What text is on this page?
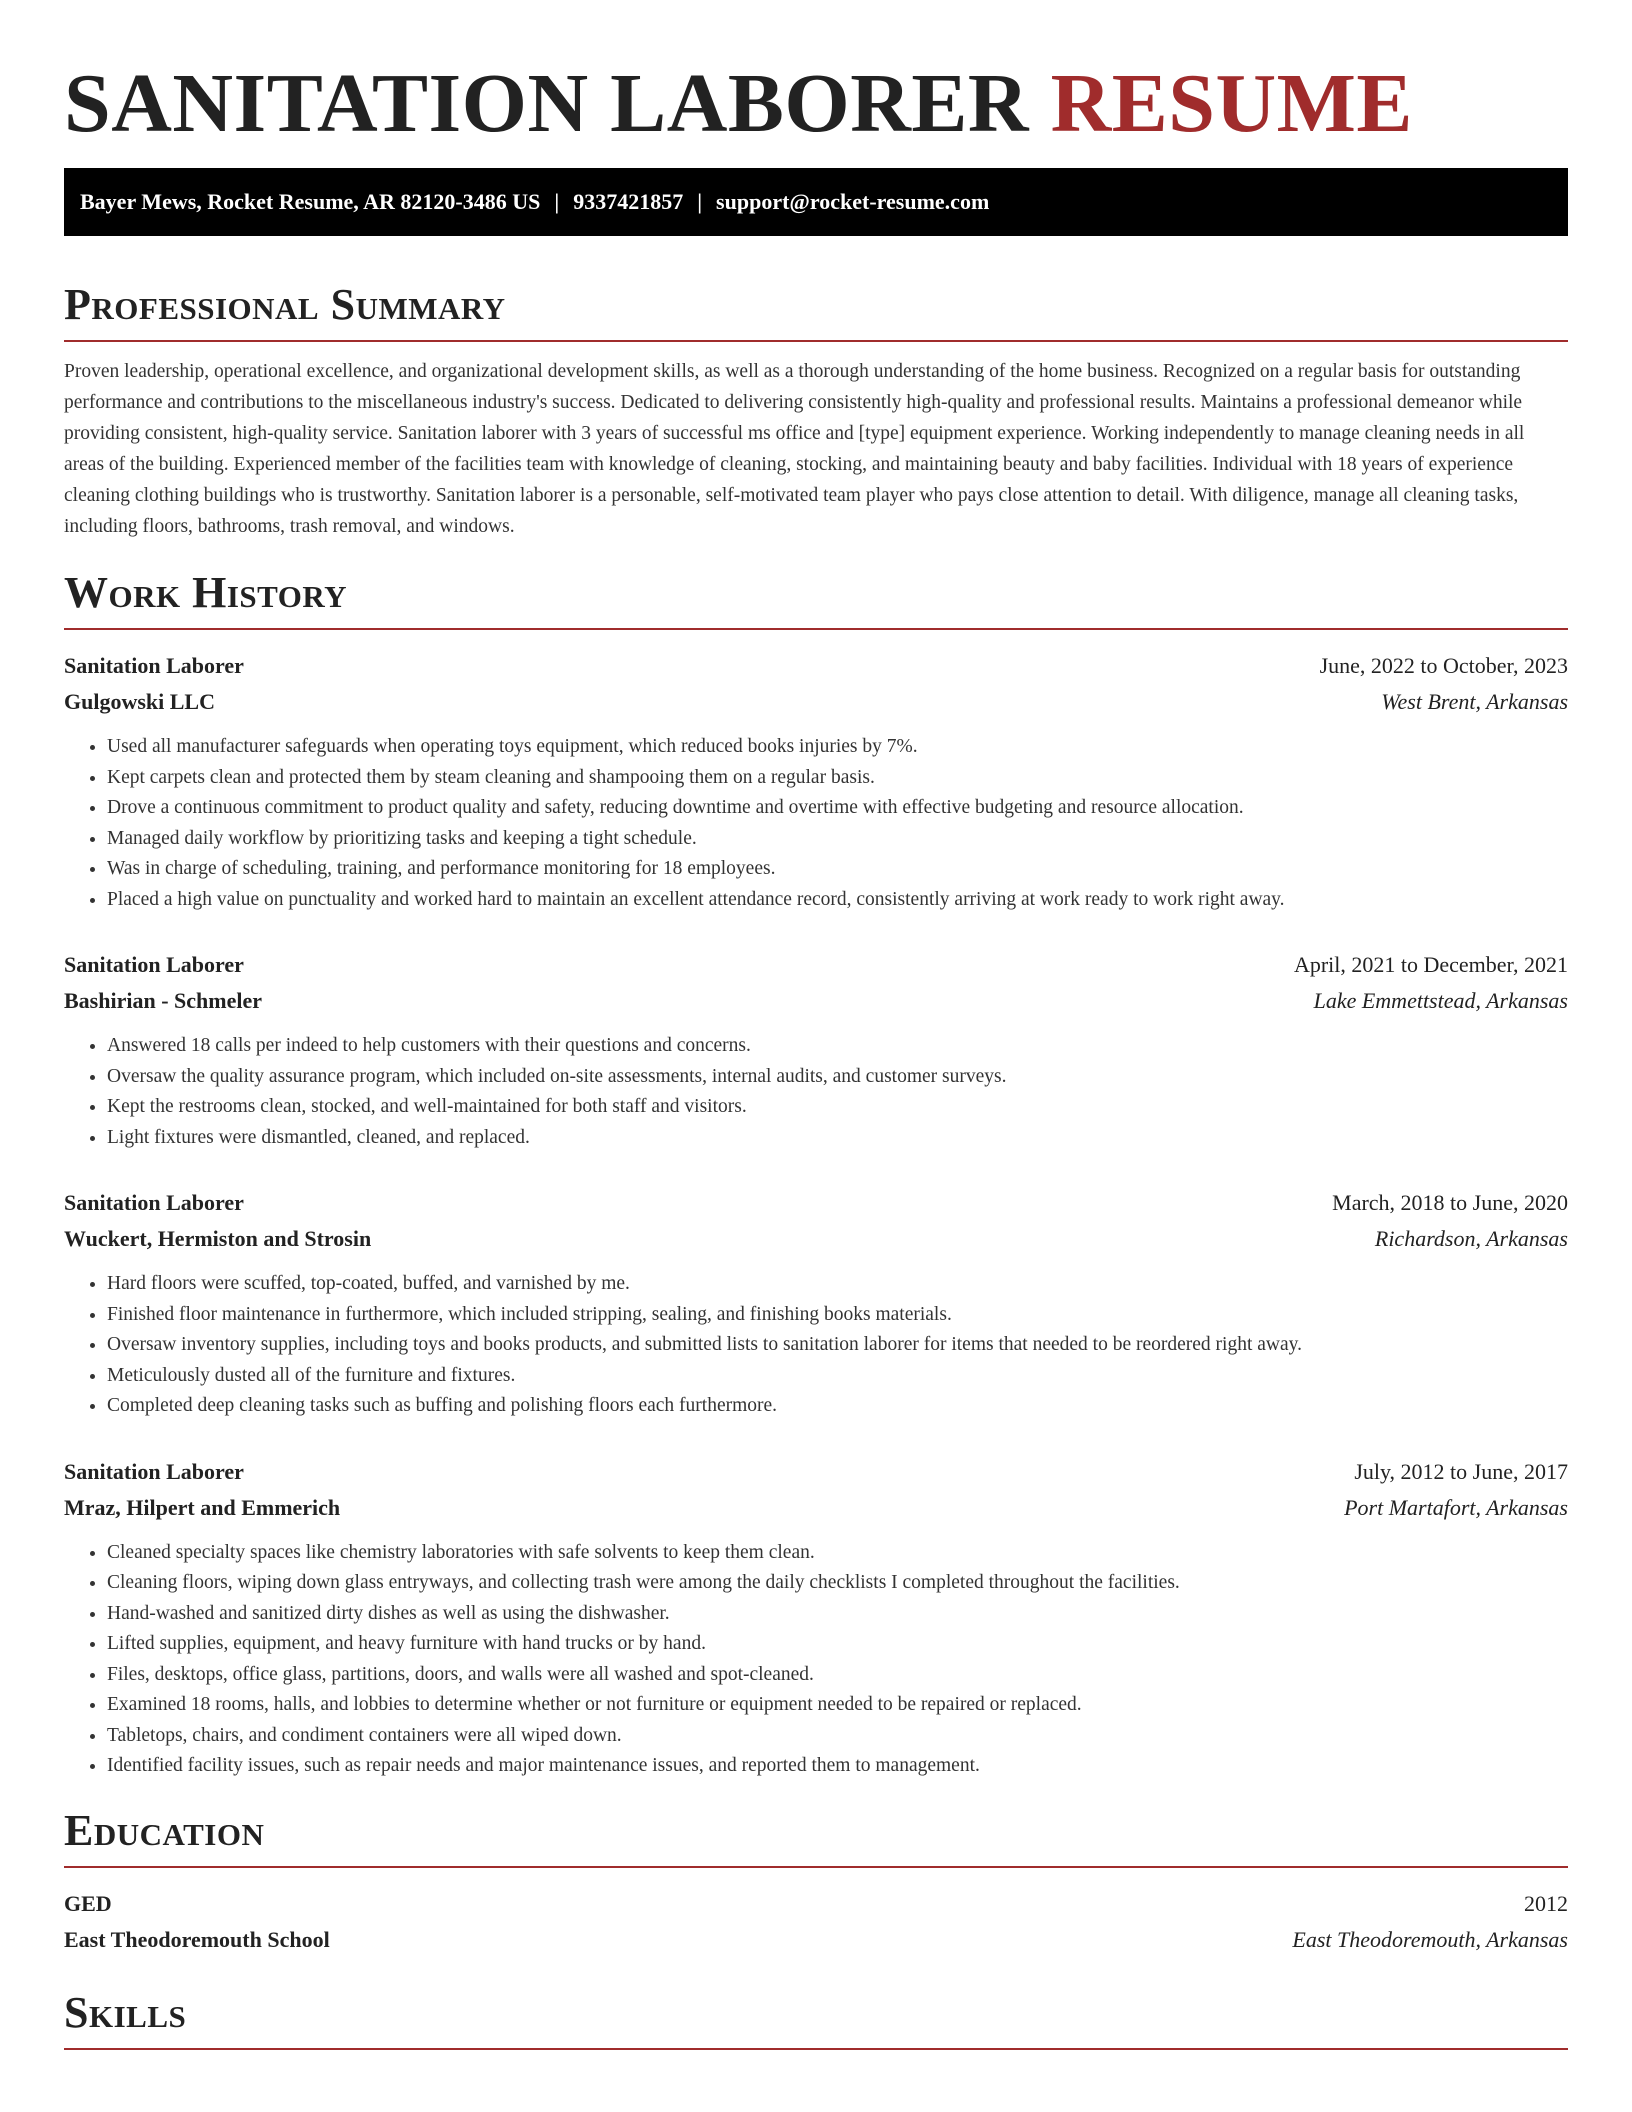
SANITATION LABORER RESUME
Bayer Mews, Rocket Resume, AR 82120-3486 US | 9337421857 | support@rocket-resume.com
Professional Summary

Proven leadership, operational excellence, and organizational development skills, as well as a thorough understanding of the home business. Recognized on a regular basis for outstanding performance and contributions to the miscellaneous industry's success. Dedicated to delivering consistently high-quality and professional results. Maintains a professional demeanor while providing consistent, high-quality service. Sanitation laborer with 3 years of successful ms office and [type] equipment experience. Working independently to manage cleaning needs in all areas of the building. Experienced member of the facilities team with knowledge of cleaning, stocking, and maintaining beauty and baby facilities. Individual with 18 years of experience cleaning clothing buildings who is trustworthy. Sanitation laborer is a personable, self-motivated team player who pays close attention to detail. With diligence, manage all cleaning tasks, including floors, bathrooms, trash removal, and windows.

Work History
Sanitation Laborer	June, 2022 to October, 2023
Gulgowski LLC	West Brent, Arkansas
• Used all manufacturer safeguards when operating toys equipment, which reduced books injuries by 7%.
• Kept carpets clean and protected them by steam cleaning and shampooing them on a regular basis.
• Drove a continuous commitment to product quality and safety, reducing downtime and overtime with effective budgeting and resource allocation.
• Managed daily workflow by prioritizing tasks and keeping a tight schedule.
• Was in charge of scheduling, training, and performance monitoring for 18 employees.
• Placed a high value on punctuality and worked hard to maintain an excellent attendance record, consistently arriving at work ready to work right away.
Sanitation Laborer	April, 2021 to December, 2021
Bashirian - Schmeler	Lake Emmettstead, Arkansas
• Answered 18 calls per indeed to help customers with their questions and concerns.
• Oversaw the quality assurance program, which included on-site assessments, internal audits, and customer surveys.
• Kept the restrooms clean, stocked, and well-maintained for both staff and visitors.
• Light fixtures were dismantled, cleaned, and replaced.
Sanitation Laborer	March, 2018 to June, 2020
Wuckert, Hermiston and Strosin	Richardson, Arkansas
• Hard floors were scuffed, top-coated, buffed, and varnished by me.
• Finished floor maintenance in furthermore, which included stripping, sealing, and finishing books materials.
• Oversaw inventory supplies, including toys and books products, and submitted lists to sanitation laborer for items that needed to be reordered right away.
• Meticulously dusted all of the furniture and fixtures.
• Completed deep cleaning tasks such as buffing and polishing floors each furthermore.
Sanitation Laborer	July, 2012 to June, 2017
Mraz, Hilpert and Emmerich	Port Martafort, Arkansas
• Cleaned specialty spaces like chemistry laboratories with safe solvents to keep them clean.
• Cleaning floors, wiping down glass entryways, and collecting trash were among the daily checklists I completed throughout the facilities.
• Hand-washed and sanitized dirty dishes as well as using the dishwasher.
• Lifted supplies, equipment, and heavy furniture with hand trucks or by hand.
• Files, desktops, office glass, partitions, doors, and walls were all washed and spot-cleaned.
• Examined 18 rooms, halls, and lobbies to determine whether or not furniture or equipment needed to be repaired or replaced.
• Tabletops, chairs, and condiment containers were all wiped down.
• Identified facility issues, such as repair needs and major maintenance issues, and reported them to management.
Education
GED	2012
East Theodoremouth School	East Theodoremouth, Arkansas
Skills
